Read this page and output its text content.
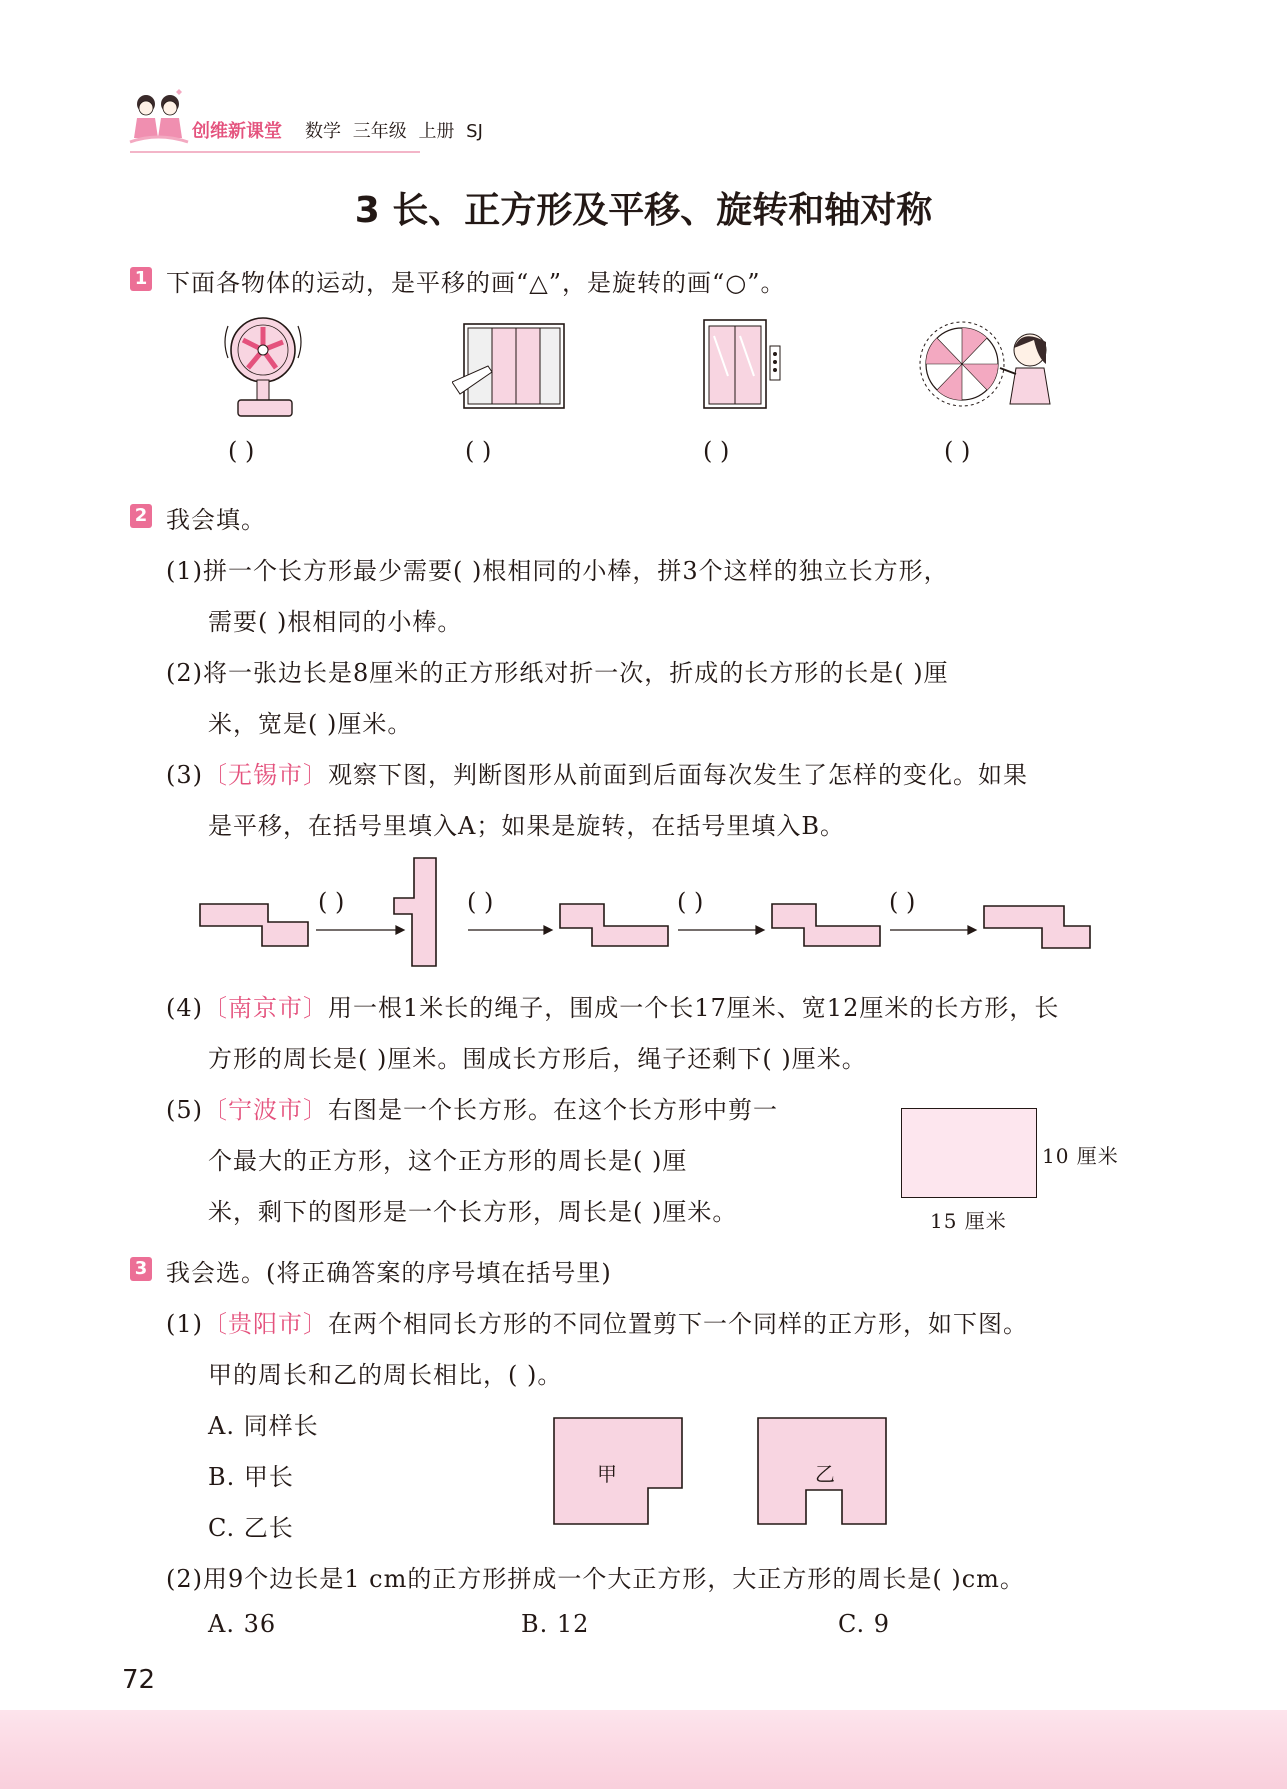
创维新课堂 数学 三年级 上册 SJ
3 长、正方形及平移、旋转和轴对称
1 下面各物体的运动，是平移的画“△”，是旋转的画“○”。
( )	( )	( )	( )
2 我会填。
(1)拼一个长方形最少需要( )根相同的小棒，拼3个这样的独立长方形，
需要( )根相同的小棒。
(2)将一张边长是8厘米的正方形纸对折一次，折成的长方形的长是( )厘
米，宽是( )厘米。
(3)〔无锡市〕观察下图，判断图形从前面到后面每次发生了怎样的变化。如果
是平移，在括号里填入A；如果是旋转，在括号里填入B。
( )	( )	( )	( )
(4)〔南京市〕用一根1米长的绳子，围成一个长17厘米、宽12厘米的长方形，长
方形的周长是( )厘米。围成长方形后，绳子还剩下( )厘米。
(5)〔宁波市〕右图是一个长方形。在这个长方形中剪一
个最大的正方形，这个正方形的周长是( )厘
米，剩下的图形是一个长方形，周长是( )厘米。
10 厘米
15 厘米
3 我会选。(将正确答案的序号填在括号里)
(1)〔贵阳市〕在两个相同长方形的不同位置剪下一个同样的正方形，如下图。
甲的周长和乙的周长相比，( )。
A. 同样长
B. 甲长
C. 乙长
甲	乙
(2)用9个边长是1 cm的正方形拼成一个大正方形，大正方形的周长是( )cm。
A. 36	B. 12	C. 9
72
